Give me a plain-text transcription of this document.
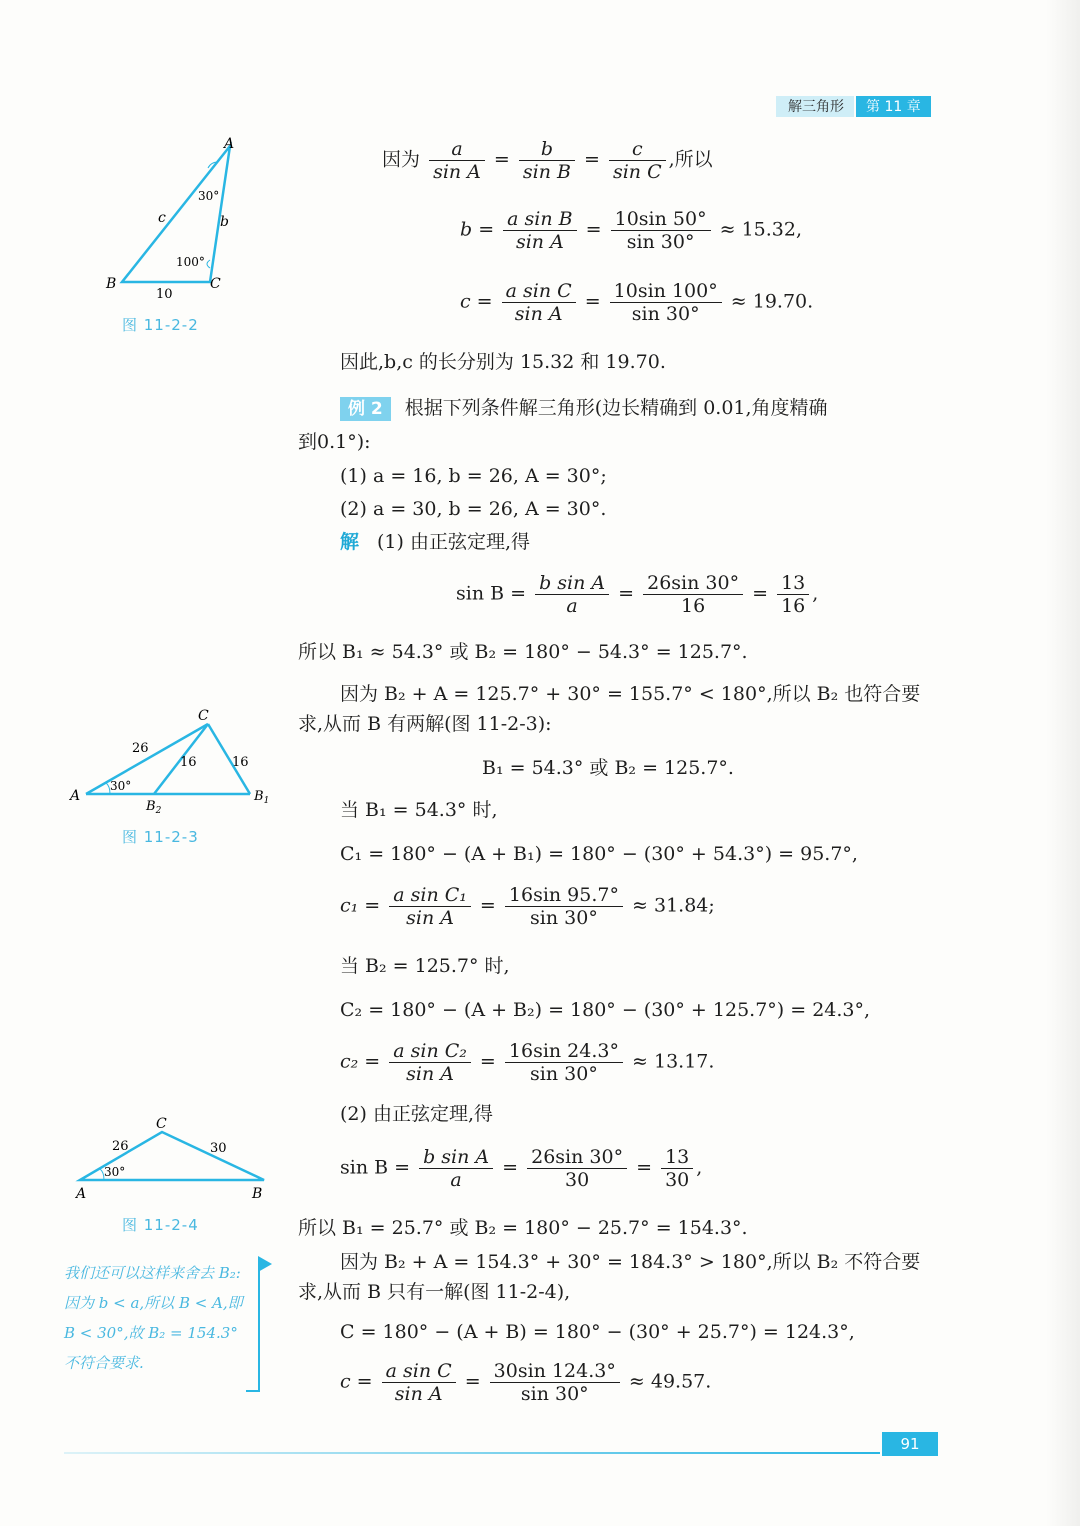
解三角形	第 11 章
A
B	C
c	b
10
30°
100°
图 11-2-2
C
A
$B_2$
$B_1$
26
16	16
30°
图 11-2-3
C
A	B
26	30
30°
图 11-2-4
我们还可以这样来舍去 B₂:因为 b < a,所以 B < A,即 B < 30°,故 B₂ = 154.3° 不符合要求.
因为 $\frac{a}{\text{sin A}} = \frac{b}{\text{sin B}} = \frac{c}{\text{sin C}}$ ,所以
$b = \frac{\text{a sin B}}{\text{sin A}} = \frac{10\sin 50^\circ}{\sin 30^\circ} \approx 15.32$,
$c = \frac{\text{a sin C}}{\text{sin A}} = \frac{10\sin 100^\circ}{\sin 30^\circ} \approx 19.70$.
因此,b,c 的长分别为 15.32 和 19.70.
例 2 根据下列条件解三角形(边长精确到 0.01,角度精确
到0.1°):
(1) a = 16, b = 26, A = 30°;
(2) a = 30, b = 26, A = 30°.
解 (1) 由正弦定理,得
$\sin B = \frac{\text{b sin A}}{a} = \frac{26\sin 30^\circ}{16} = \frac{13}{16}$ ,
所以 B₁ ≈ 54.3° 或 B₂ = 180° − 54.3° = 125.7°.
因为 B₂ + A = 125.7° + 30° = 155.7° < 180°,所以 B₂ 也符合要
求,从而 B 有两解(图 11-2-3):
B₁ = 54.3° 或 B₂ = 125.7°.
当 B₁ = 54.3° 时,
C₁ = 180° − (A + B₁) = 180° − (30° + 54.3°) = 95.7°,
$c_1 = \frac{\text{a sin C₁}}{\text{sin A}} = \frac{16\sin 95.7^\circ}{\sin 30^\circ} \approx 31.84$;
当 B₂ = 125.7° 时,
C₂ = 180° − (A + B₂) = 180° − (30° + 125.7°) = 24.3°,
$c_2 = \frac{\text{a sin C₂}}{\text{sin A}} = \frac{16\sin 24.3^\circ}{\sin 30^\circ} \approx 13.17$.
(2) 由正弦定理,得
$\sin B = \frac{\text{b sin A}}{a} = \frac{26\sin 30^\circ}{30} = \frac{13}{30}$ ,
所以 B₁ = 25.7° 或 B₂ = 180° − 25.7° = 154.3°.
因为 B₂ + A = 154.3° + 30° = 184.3° > 180°,所以 B₂ 不符合要
求,从而 B 只有一解(图 11-2-4),
C = 180° − (A + B) = 180° − (30° + 25.7°) = 124.3°,
$c = \frac{\text{a sin C}}{\text{sin A}} = \frac{30\sin 124.3^\circ}{\sin 30^\circ} \approx 49.57$.
91
